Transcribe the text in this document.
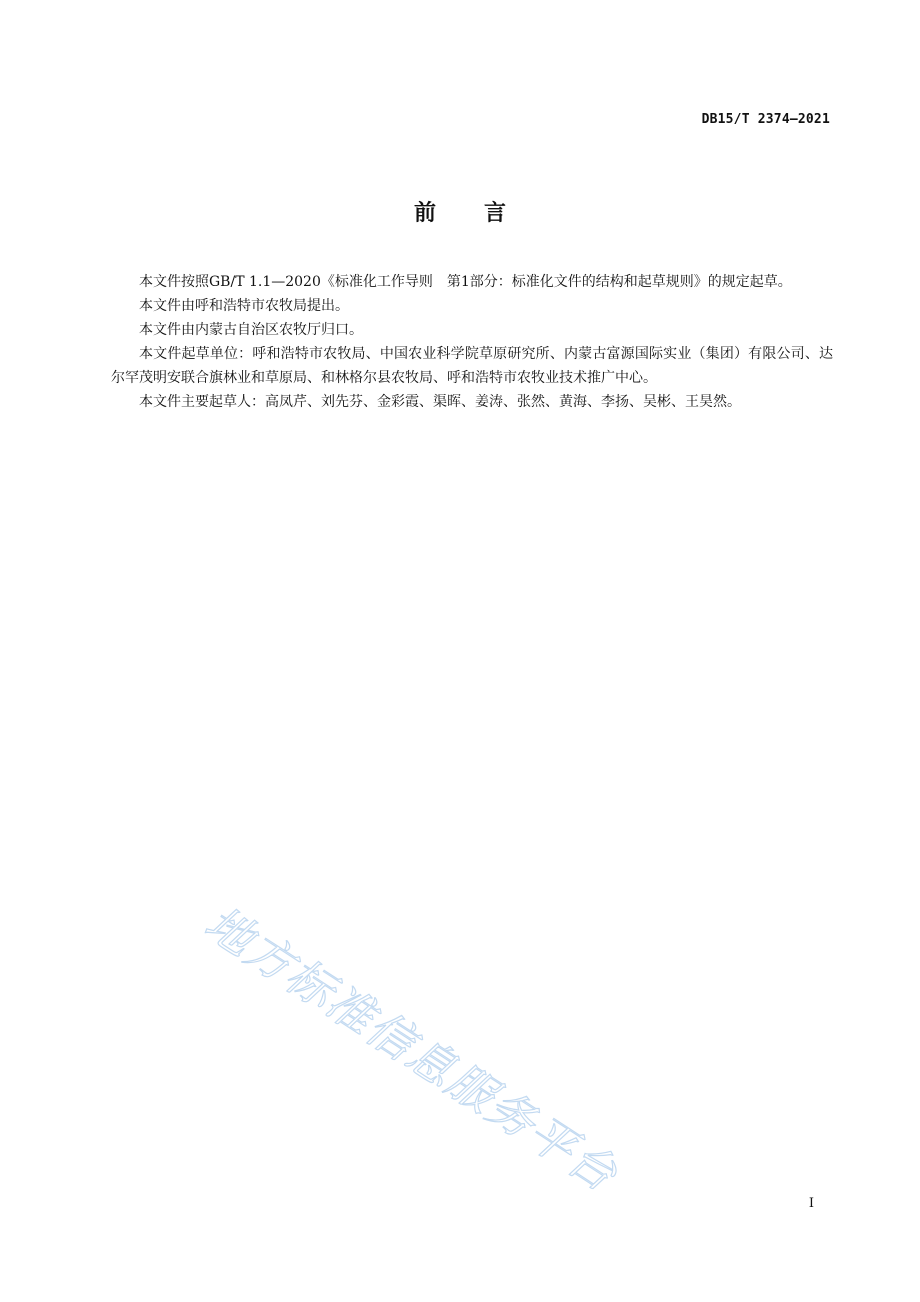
DB15/T 2374—2021
前 言

本文件按照GB/T 1.1—2020《标准化工作导则　第1部分：标准化文件的结构和起草规则》的规定起草。

本文件由呼和浩特市农牧局提出。

本文件由内蒙古自治区农牧厅归口。

本文件起草单位：呼和浩特市农牧局、中国农业科学院草原研究所、内蒙古富源国际实业（集团）有限公司、达尔罕茂明安联合旗林业和草原局、和林格尔县农牧局、呼和浩特市农牧业技术推广中心。

本文件主要起草人：高凤芹、刘先芬、金彩霞、渠晖、姜涛、张然、黄海、李扬、吴彬、王昊然。

地方标准信息服务平台
I
